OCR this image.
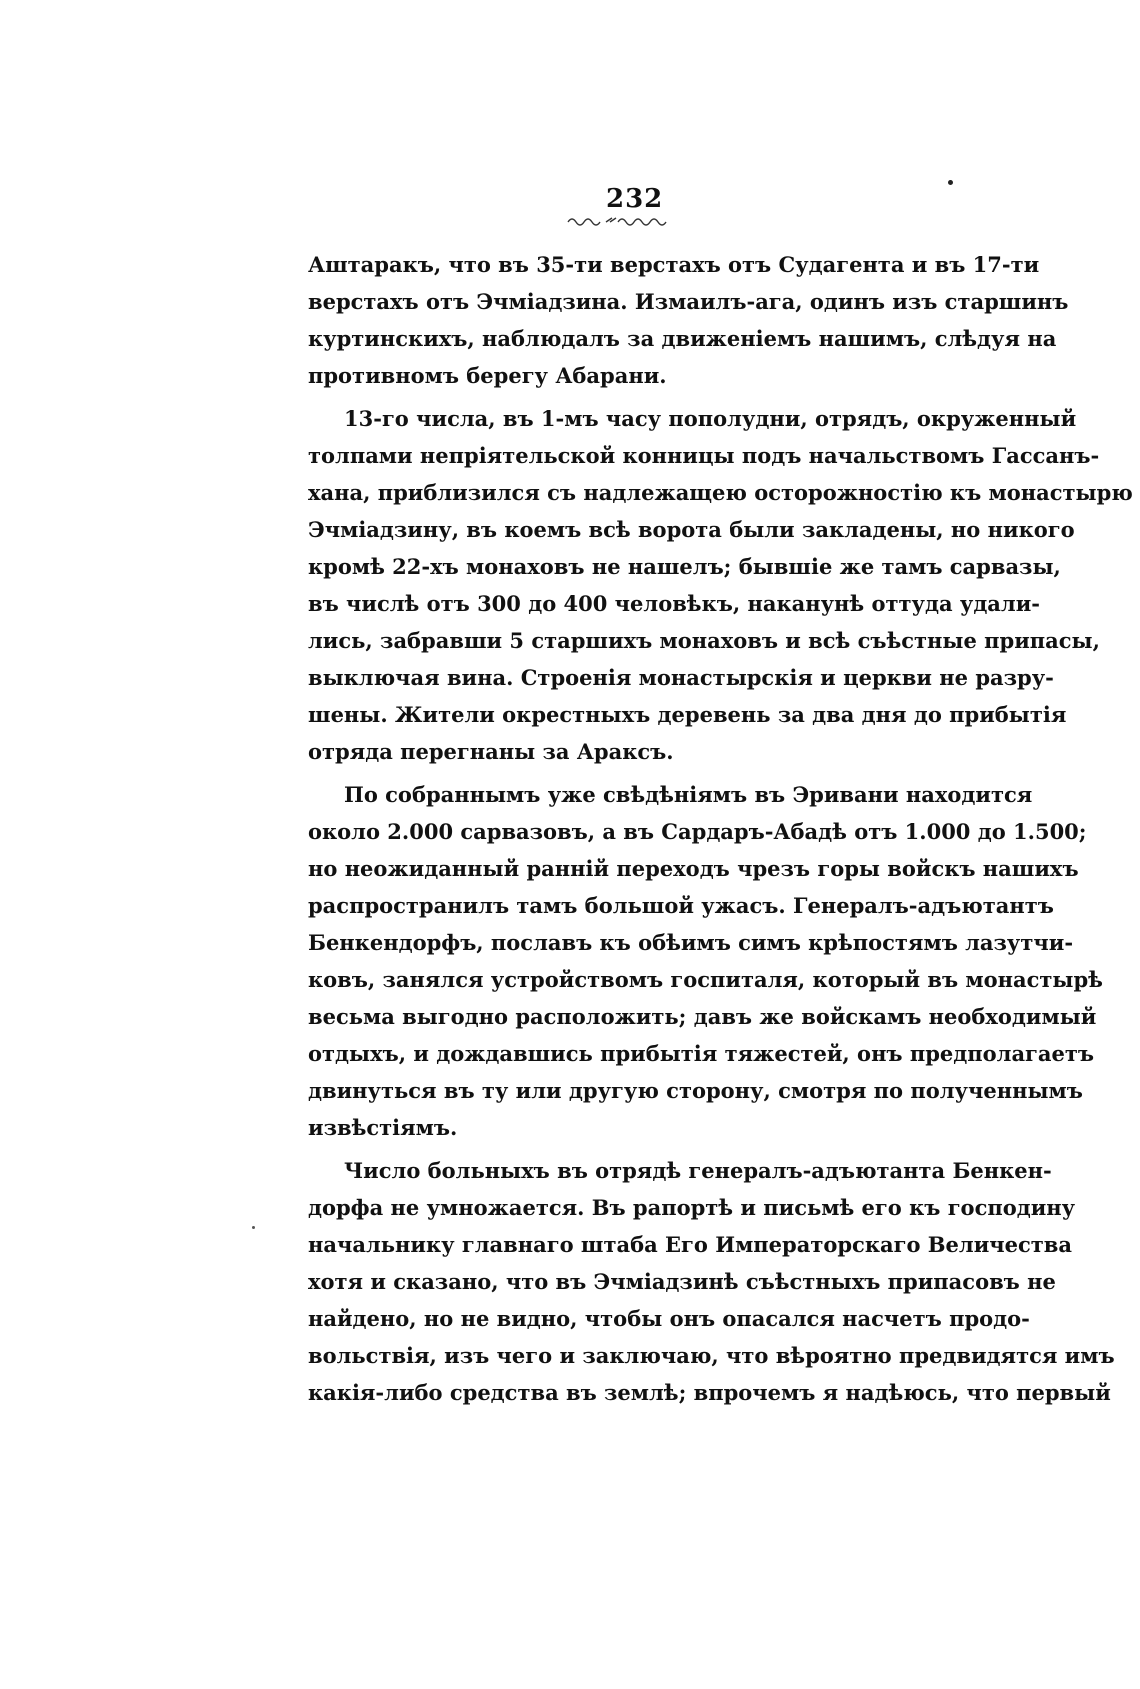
232
Аштаракъ, что въ 35-ти верстахъ отъ Судагента и въ 17-ти
верстахъ отъ Эчміадзина. Измаилъ-ага, одинъ изъ старшинъ
куртинскихъ, наблюдалъ за движеніемъ нашимъ, слѣдуя на
противномъ берегу Абарани.
13-го числа, въ 1-мъ часу пополудни, отрядъ, окруженный
толпами непріятельской конницы подъ начальствомъ Гассанъ-
хана, приблизился съ надлежащею осторожностію къ монастырю
Эчміадзину, въ коемъ всѣ ворота были закладены, но никого
кромѣ 22-хъ монаховъ не нашелъ; бывшіе же тамъ сарвазы,
въ числѣ отъ 300 до 400 человѣкъ, наканунѣ оттуда удали-
лись, забравши 5 старшихъ монаховъ и всѣ съѣстные припасы,
выключая вина. Строенія монастырскія и церкви не разру-
шены. Жители окрестныхъ деревень за два дня до прибытія
отряда перегнаны за Араксъ.
По собраннымъ уже свѣдѣніямъ въ Эривани находится
около 2.000 сарвазовъ, а въ Сардаръ-Абадѣ отъ 1.000 до 1.500;
но неожиданный ранній переходъ чрезъ горы войскъ нашихъ
распространилъ тамъ большой ужасъ. Генералъ-адъютантъ
Бенкендорфъ, пославъ къ обѣимъ симъ крѣпостямъ лазутчи-
ковъ, занялся устройствомъ госпиталя, который въ монастырѣ
весьма выгодно расположить; давъ же войскамъ необходимый
отдыхъ, и дождавшись прибытія тяжестей, онъ предполагаетъ
двинуться въ ту или другую сторону, смотря по полученнымъ
извѣстіямъ.
Число больныхъ въ отрядѣ генералъ-адъютанта Бенкен-
дорфа не умножается. Въ рапортѣ и письмѣ его къ господину
начальнику главнаго штаба Его Императорскаго Величества
хотя и сказано, что въ Эчміадзинѣ съѣстныхъ припасовъ не
найдено, но не видно, чтобы онъ опасался насчетъ продо-
вольствія, изъ чего и заключаю, что вѣроятно предвидятся имъ
какія-либо средства въ землѣ; впрочемъ я надѣюсь, что первый
